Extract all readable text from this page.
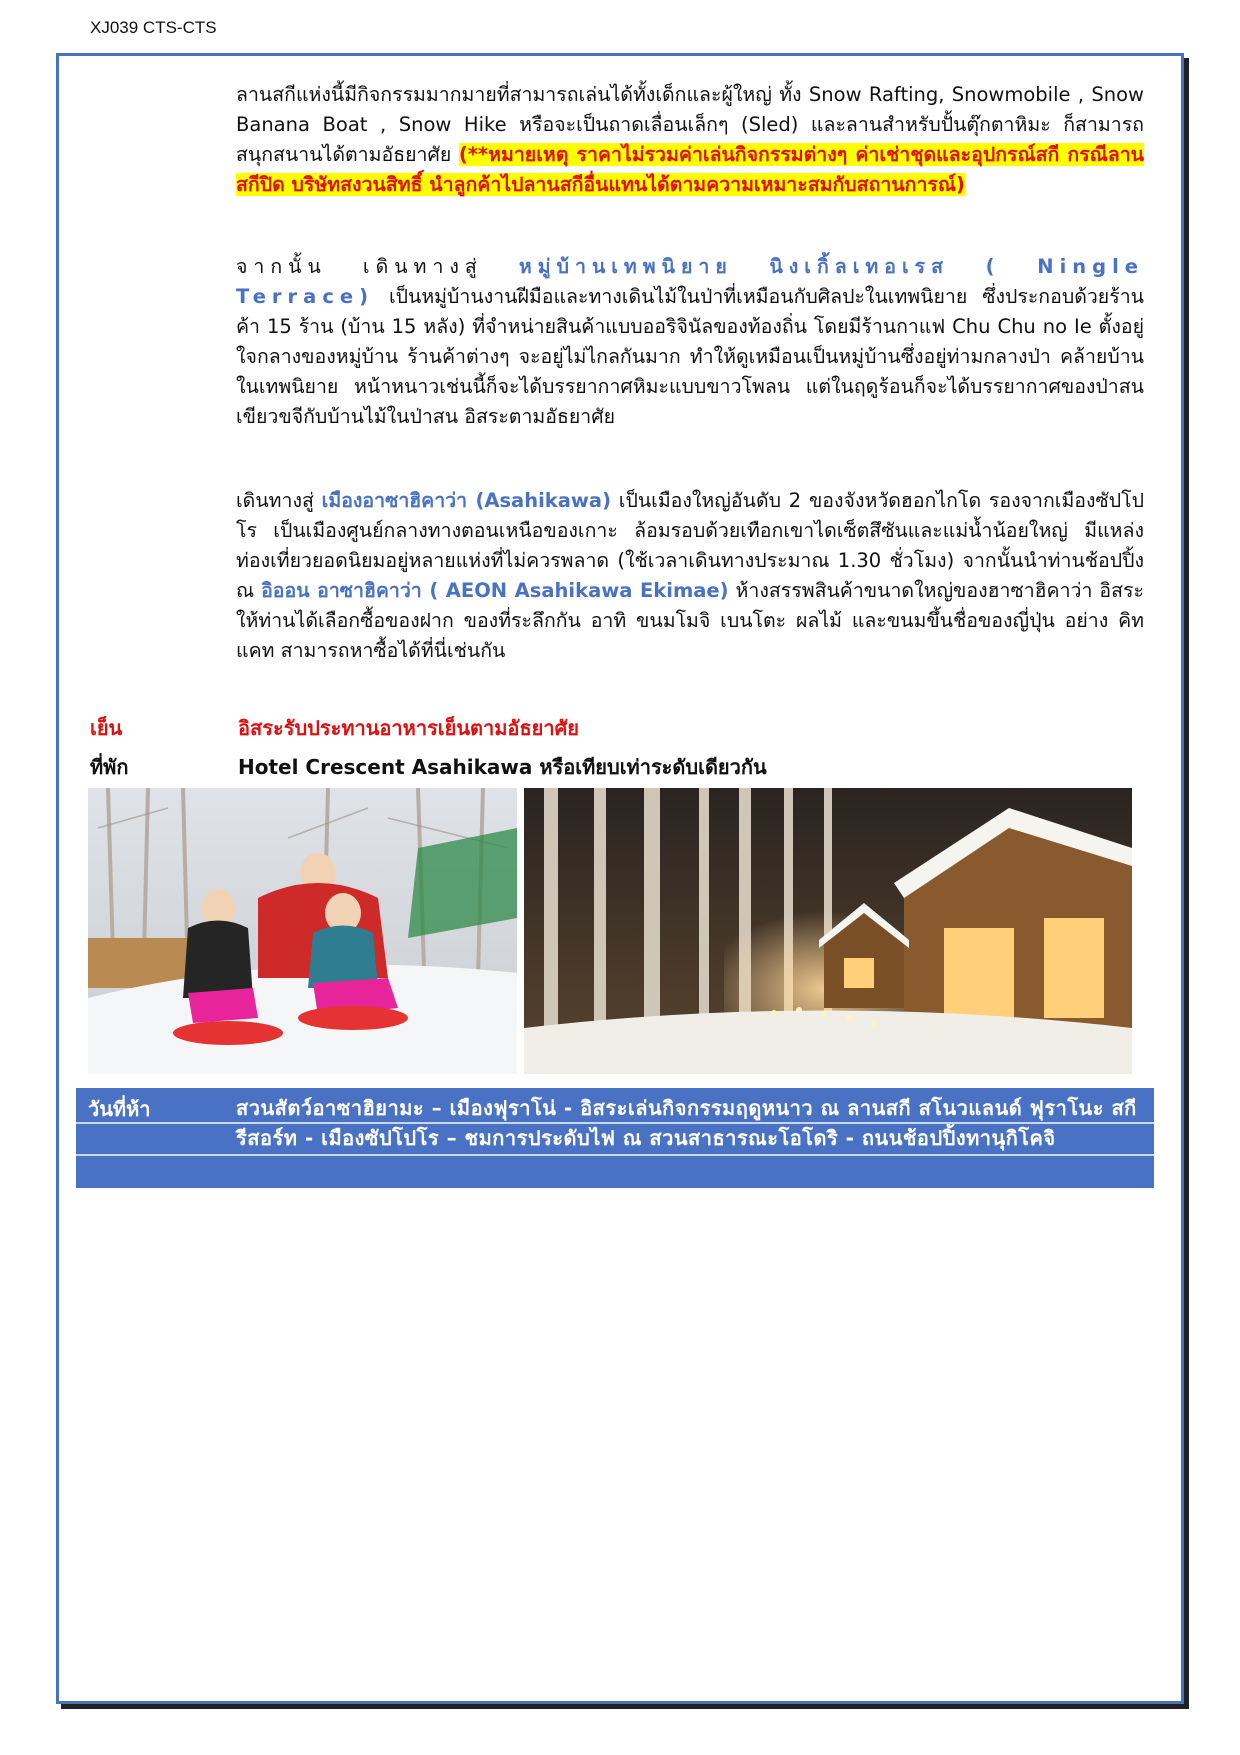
XJ039 CTS-CTS
ลานสกีแห่งนี้มีกิจกรรมมากมายที่สามารถเล่นได้ทั้งเด็กและผู้ใหญ่ ทั้ง Snow Rafting, Snowmobile , Snow Banana Boat , Snow Hike หรือจะเป็นถาดเลื่อนเล็กๆ (Sled) และลานสำหรับปั้นตุ๊กตาหิมะ ก็สามารถสนุกสนานได้ตามอัธยาศัย (**หมายเหตุ ราคาไม่รวมค่าเล่นกิจกรรมต่างๆ ค่าเช่าชุดและอุปกรณ์สกี กรณีลานสกีปิด บริษัทสงวนสิทธิ์ นำลูกค้าไปลานสกีอื่นแทนได้ตามความเหมาะสมกับสถานการณ์)
จากนั้น เดินทางสู่ หมู่บ้านเทพนิยาย นิงเกิ้ลเทอเรส ( Ningle Terrace) เป็นหมู่บ้านงานฝีมือและทางเดินไม้ในป่าที่เหมือนกับศิลปะในเทพนิยาย ซึ่งประกอบด้วยร้านค้า 15 ร้าน (บ้าน 15 หลัง) ที่จำหน่ายสินค้าแบบออริจินัลของท้องถิ่น โดยมีร้านกาแฟ Chu Chu no Ie ตั้งอยู่ใจกลางของหมู่บ้าน ร้านค้าต่างๆ จะอยู่ไม่ไกลกันมาก ทำให้ดูเหมือนเป็นหมู่บ้านซึ่งอยู่ท่ามกลางป่า คล้ายบ้านในเทพนิยาย หน้าหนาวเช่นนี้ก็จะได้บรรยากาศหิมะแบบขาวโพลน แต่ในฤดูร้อนก็จะได้บรรยากาศของป่าสนเขียวขจีกับบ้านไม้ในป่าสน อิสระตามอัธยาศัย
เดินทางสู่ เมืองอาซาฮิคาว่า (Asahikawa) เป็นเมืองใหญ่อันดับ 2 ของจังหวัดฮอกไกโด รองจากเมืองซัปโปโร เป็นเมืองศูนย์กลางทางตอนเหนือของเกาะ ล้อมรอบด้วยเทือกเขาไดเซ็ตสึซันและแม่น้ำน้อยใหญ่ มีแหล่งท่องเที่ยวยอดนิยมอยู่หลายแห่งที่ไม่ควรพลาด (ใช้เวลาเดินทางประมาณ 1.30 ชั่วโมง) จากนั้นนำท่านช้อปปิ้ง ณ อิออน อาซาฮิคาว่า ( AEON Asahikawa Ekimae) ห้างสรรพสินค้าขนาดใหญ่ของฮาซาฮิคาว่า อิสระให้ท่านได้เลือกซื้อของฝาก ของที่ระลึกกัน อาทิ ขนมโมจิ เบนโตะ ผลไม้ และขนมขึ้นชื่อของญี่ปุ่น อย่าง คิทแคท สามารถหาซื้อได้ที่นี่เช่นกัน
เย็น	อิสระรับประทานอาหารเย็นตามอัธยาศัย
ที่พัก	Hotel Crescent Asahikawa หรือเทียบเท่าระดับเดียวกัน
วันที่ห้า	สวนสัตว์อาซาฮิยามะ – เมืองฟุราโน่ - อิสระเล่นกิจกรรมฤดูหนาว ณ ลานสกี สโนวแลนด์ ฟุราโนะ สกีรีสอร์ท - เมืองซัปโปโร – ชมการประดับไฟ ณ สวนสาธารณะโอโดริ - ถนนช้อปปิ้งทานุกิโคจิ
